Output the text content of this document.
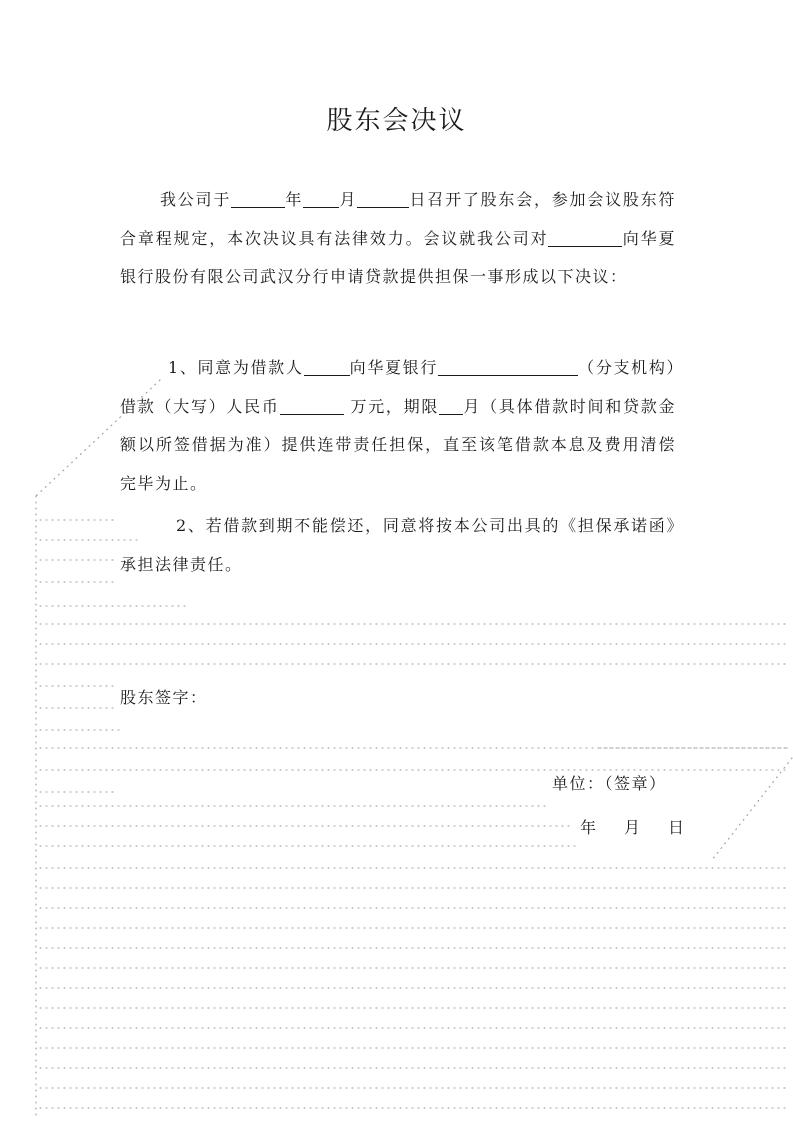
股东会决议
我公司于	年 月	日召开了股东会，参加会议股东符合章程规定，本次决议具有法律效力。会议就我公司对	向华夏银行股份有限公司武汉分行申请贷款提供担保一事形成以下决议：
1、同意为借款人	向华夏银行	（分支机构）借款（大写）人民币	万元，期限 月（具体借款时间和贷款金额以所签借据为准）提供连带责任担保，直至该笔借款本息及费用清偿完毕为止。
2、若借款到期不能偿还，同意将按本公司出具的《担保承诺函》承担法律责任。
股东签字：
单位：（签章）
年 月 日
